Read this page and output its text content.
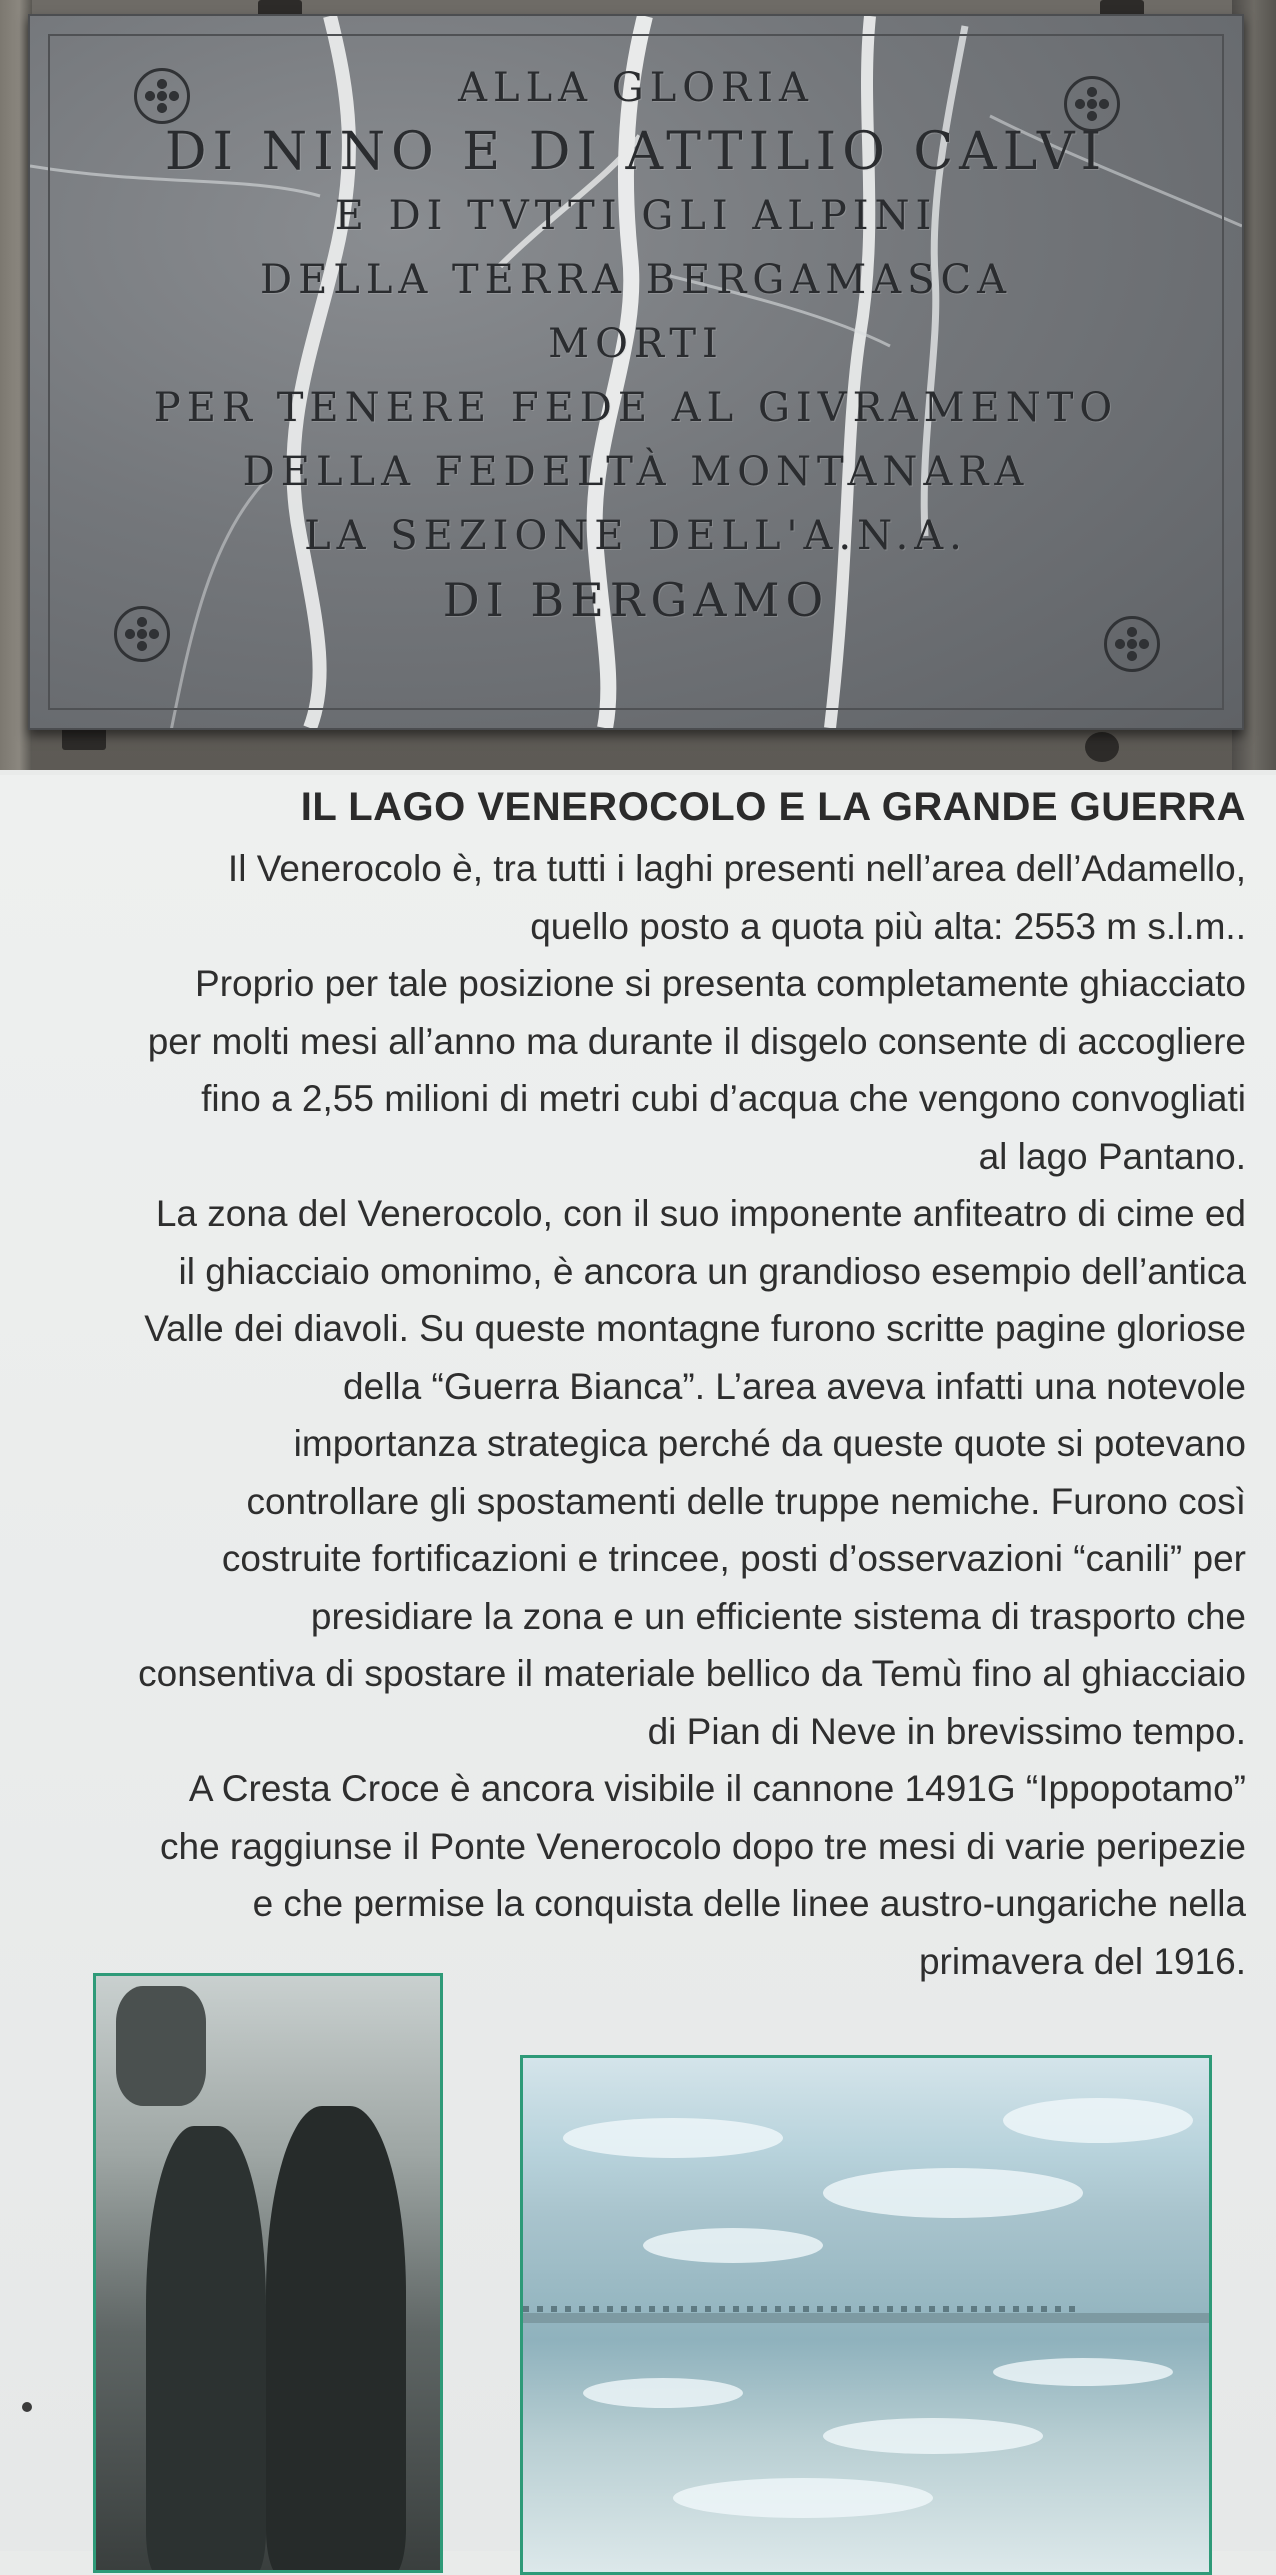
ALLA GLORIA
DI NINO E DI ATTILIO CALVI
E DI TVTTI GLI ALPINI
DELLA TERRA BERGAMASCA
MORTI
PER TENERE FEDE AL GIVRAMENTO
DELLA FEDELTÀ MONTANARA
LA SEZIONE DELL'A.N.A.
DI BERGAMO
IL LAGO VENEROCOLO E LA GRANDE GUERRA
Il Venerocolo è, tra tutti i laghi presenti nell’area dell’Adamello,
quello posto a quota più alta: 2553 m s.l.m..
Proprio per tale posizione si presenta completamente ghiacciato
per molti mesi all’anno ma durante il disgelo consente di accogliere
fino a 2,55 milioni di metri cubi d’acqua che vengono convogliati
al lago Pantano.
La zona del Venerocolo, con il suo imponente anfiteatro di cime ed
il ghiacciaio omonimo, è ancora un grandioso esempio dell’antica
Valle dei diavoli. Su queste montagne furono scritte pagine gloriose
della “Guerra Bianca”. L’area aveva infatti una notevole
importanza strategica perché da queste quote si potevano
controllare gli spostamenti delle truppe nemiche. Furono così
costruite fortificazioni e trincee, posti d’osservazioni “canili” per
presidiare la zona e un efficiente sistema di trasporto che
consentiva di spostare il materiale bellico da Temù fino al ghiacciaio
di Pian di Neve in brevissimo tempo.
A Cresta Croce è ancora visibile il cannone 1491G “Ippopotamo”
che raggiunse il Ponte Venerocolo dopo tre mesi di varie peripezie
e che permise la conquista delle linee austro-ungariche nella
primavera del 1916.
